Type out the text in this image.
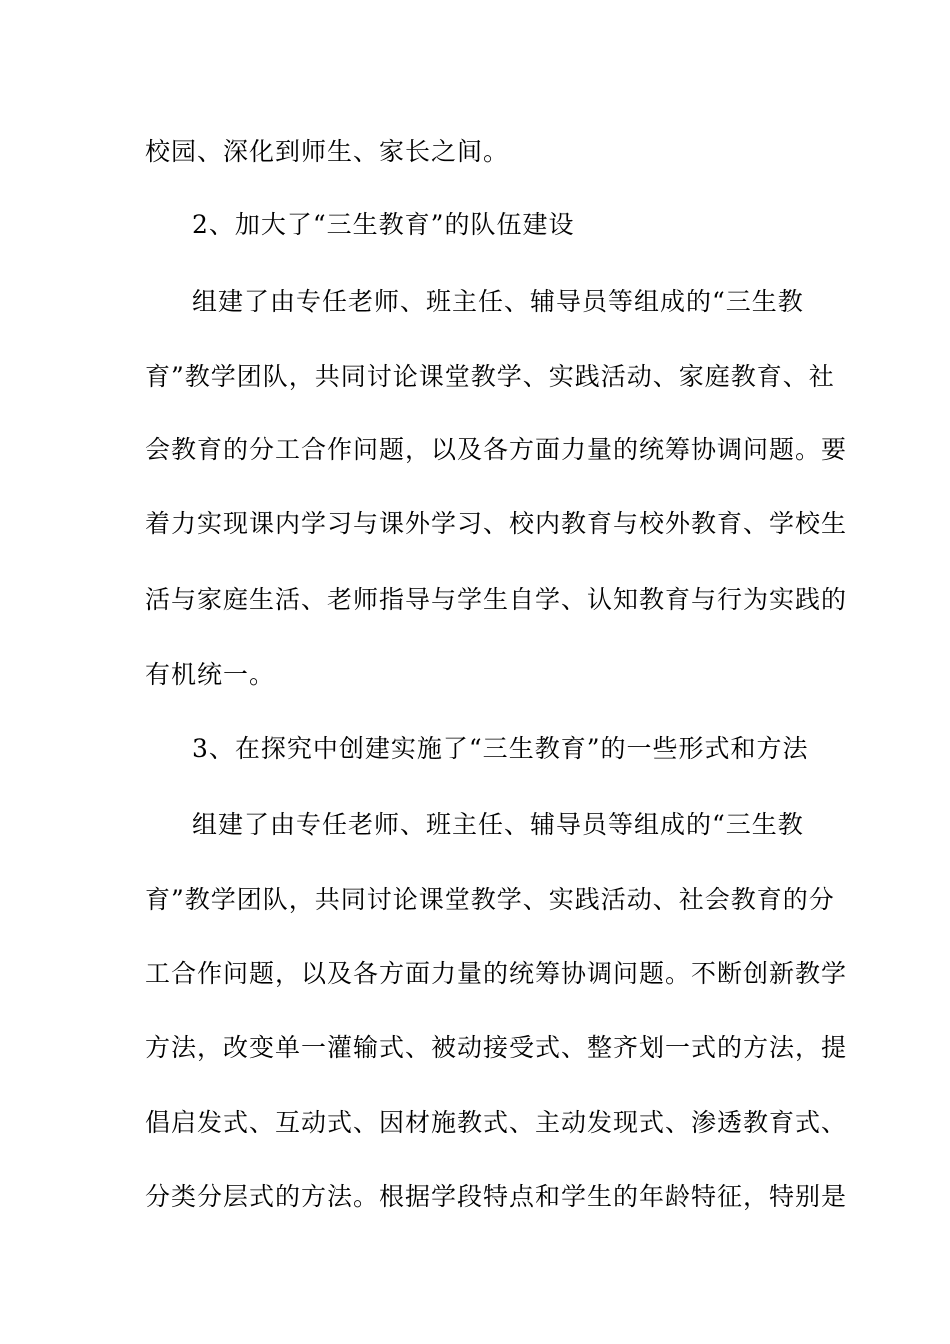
校园、深化到师生、家长之间。
2、加大了“三生教育”的队伍建设
组建了由专任老师、班主任、辅导员等组成的“三生教
育”教学团队，共同讨论课堂教学、实践活动、家庭教育、社
会教育的分工合作问题，以及各方面力量的统筹协调问题。要
着力实现课内学习与课外学习、校内教育与校外教育、学校生
活与家庭生活、老师指导与学生自学、认知教育与行为实践的
有机统一。
3、在探究中创建实施了“三生教育”的一些形式和方法
组建了由专任老师、班主任、辅导员等组成的“三生教
育”教学团队，共同讨论课堂教学、实践活动、社会教育的分
工合作问题，以及各方面力量的统筹协调问题。不断创新教学
方法，改变单一灌输式、被动接受式、整齐划一式的方法，提
倡启发式、互动式、因材施教式、主动发现式、渗透教育式、
分类分层式的方法。根据学段特点和学生的年龄特征，特别是
